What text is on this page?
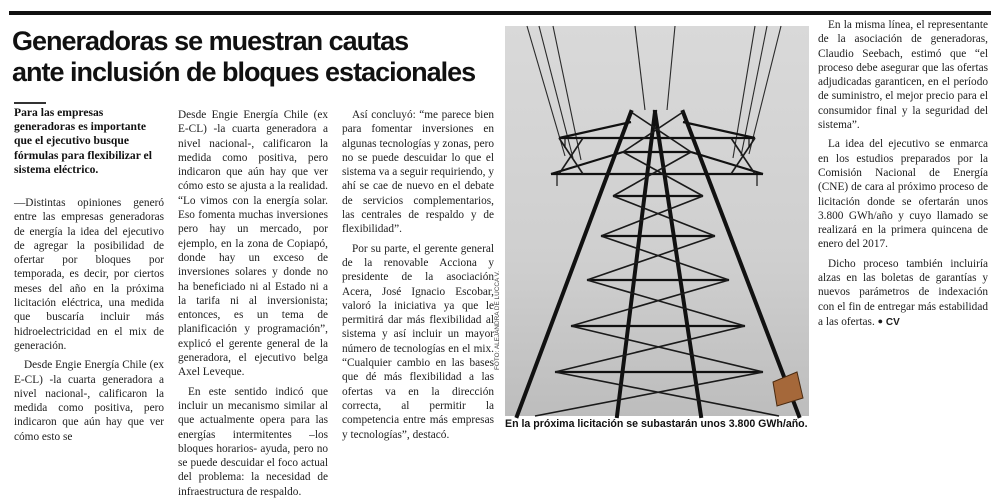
Generadoras se muestran cautas
ante inclusión de bloques estacionales
Para las empresas generadoras es importante que el ejecutivo busque fórmulas para flexibilizar el sistema eléctrico.

—Distintas opiniones generó entre las empresas generadoras de energía la idea del ejecutivo de agregar la posibilidad de ofertar por bloques por temporada, es decir, por ciertos meses del año en la próxima licitación eléctrica, una medida que buscaría incluir más hidroelectricidad en el mix de generación.

Desde Engie Energía Chile (ex E-CL) -la cuarta generadora a nivel nacional-, calificaron la medida como positiva, pero indicaron que aún hay que ver cómo esto se

Desde Engie Energía Chile (ex E-CL) -la cuarta generadora a nivel nacional-, calificaron la medida como positiva, pero indicaron que aún hay que ver cómo esto se ajusta a la realidad. “Lo vimos con la energía solar. Eso fomenta muchas inversiones pero hay un mercado, por ejemplo, en la zona de Copiapó, donde hay un exceso de inversiones solares y donde no ha beneficiado ni al Estado ni a la tarifa ni al inversionista; entonces, es un tema de planificación y programación”, explicó el gerente general de la generadora, el ejecutivo belga Axel Leveque.

En este sentido indicó que incluir un mecanismo similar al que actualmente opera para las energías intermitentes –los bloques horarios- ayuda, pero no se puede descuidar el foco actual del problema: la necesidad de infraestructura de respaldo.

Así concluyó: “me parece bien para fomentar inversiones en algunas tecnologías y zonas, pero no se puede descuidar lo que el sistema va a seguir requiriendo, y ahí se cae de nuevo en el debate de servicios complementarios, las centrales de respaldo y de flexibilidad”.

Por su parte, el gerente general de la renovable Acciona y presidente de la asociación Acera, José Ignacio Escobar, valoró la iniciativa ya que le permitirá dar más flexibilidad al sistema y así incluir un mayor número de tecnologías en el mix. “Cualquier cambio en las bases que dé más flexibilidad a las ofertas va en la dirección correcta, al permitir la competencia entre más empresas y tecnologías”, destacó.

FOTO: ALEJANDRA DE LUCCA V.
En la próxima licitación se subastarán unos 3.800 GWh/año.

En la misma línea, el representante de la asociación de generadoras, Claudio Seebach, estimó que “el proceso debe asegurar que las ofertas adjudicadas garanticen, en el período de suministro, el mejor precio para el consumidor final y la seguridad del sistema”.

La idea del ejecutivo se enmarca en los estudios preparados por la Comisión Nacional de Energía (CNE) de cara al próximo proceso de licitación donde se ofertarán unos 3.800 GWh/año y cuyo llamado se realizará en la primera quincena de enero del 2017.

Dicho proceso también incluiría alzas en las boletas de garantías y nuevos parámetros de indexación con el fin de entregar más estabilidad a las ofertas. ● CV
